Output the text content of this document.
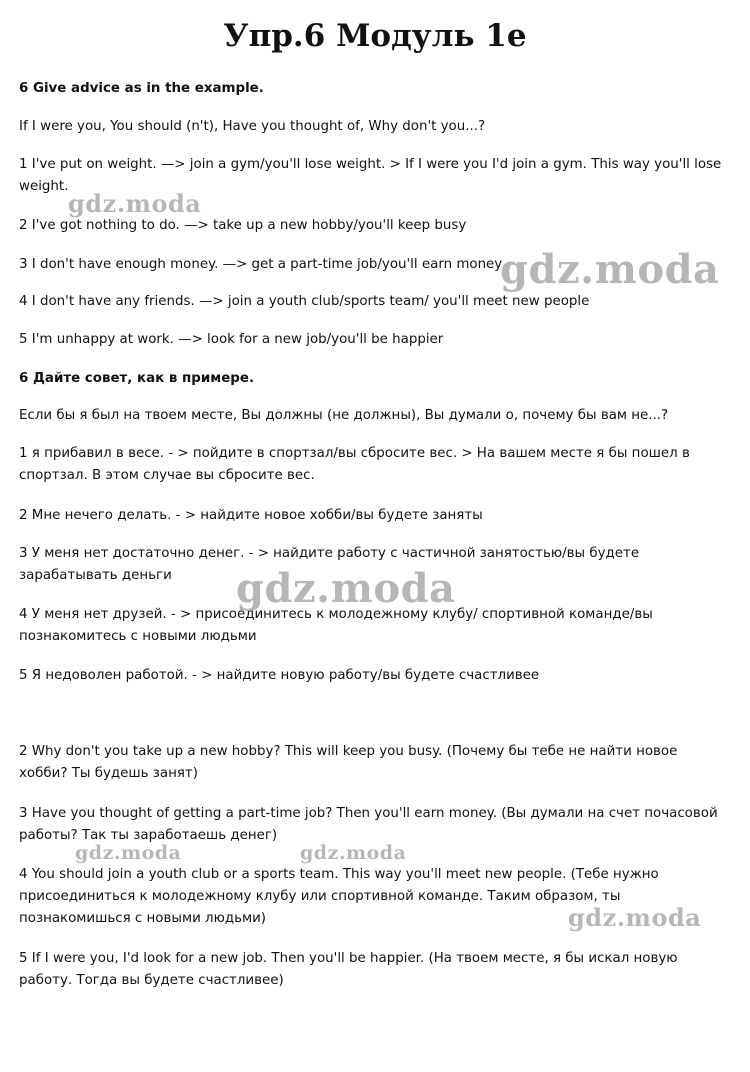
Упр.6 Модуль 1е

6 Give advice as in the example.

If I were you, You should (n't), Have you thought of, Why don't you...?

1 I've put on weight. —> join a gym/you'll lose weight. > If I were you I'd join a gym. This way you'll lose weight.

2 I've got nothing to do. —> take up a new hobby/you'll keep busy

3 I don't have enough money. —> get a part-time job/you'll earn money

4 I don't have any friends. —> join a youth club/sports team/ you'll meet new people

5 I'm unhappy at work. —> look for a new job/you'll be happier

6 Дайте совет, как в примере.

Если бы я был на твоем месте, Вы должны (не должны), Вы думали о, почему бы вам не...?

1 я прибавил в весе. - > пойдите в спортзал/вы сбросите вес. > На вашем месте я бы пошел в спортзал. В этом случае вы сбросите вес.

2 Мне нечего делать. - > найдите новое хобби/вы будете заняты

3 У меня нет достаточно денег. - > найдите работу с частичной занятостью/вы будете зарабатывать деньги

4 У меня нет друзей. - > присоединитесь к молодежному клубу/ спортивной команде/вы познакомитесь с новыми людьми

5 Я недоволен работой. - > найдите новую работу/вы будете счастливее

2 Why don't you take up a new hobby? This will keep you busy. (Почему бы тебе не найти новое хобби? Ты будешь занят)

3 Have you thought of getting a part-time job? Then you'll earn money. (Вы думали на счет почасовой работы? Так ты заработаешь денег)

4 You should join a youth club or a sports team. This way you'll meet new people. (Тебе нужно присоединиться к молодежному клубу или спортивной команде. Таким образом, ты познакомишься с новыми людьми)

5 If I were you, I'd look for a new job. Then you'll be happier. (На твоем месте, я бы искал новую работу. Тогда вы будете счастливее)

gdz.moda
gdz.moda
gdz.moda
gdz.moda	gdz.moda
gdz.moda
